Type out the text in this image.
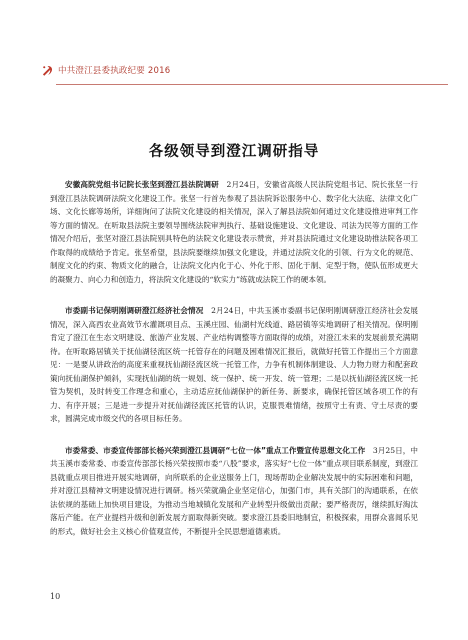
中共澄江县委执政纪要 2016
各级领导到澄江调研指导

安徽高院党组书记院长张坚到澄江县法院调研　2月24日，安徽省高级人民法院党组书记、院长张坚一行到澄江县法院调研法院文化建设工作。张坚一行首先参观了县法院诉讼服务中心、数字化大法庭、法律文化广场、文化长廊等场所，详细询问了法院文化建设的相关情况，深入了解县法院如何通过文化建设推进审判工作等方面的情况。在听取县法院主要领导围绕法院审判执行、基础设施建设、文化建设、司法为民等方面的工作情况介绍后，张坚对澄江县法院别具特色的法院文化建设表示赞赏，并对县法院通过文化建设助推法院各项工作取得的成绩给予肯定。张坚希望，县法院要继续加强文化建设，并通过法院文化的引领、行为文化的规范、制度文化的约束、物质文化的融合，让法院文化内化于心、外化于形、固化于制、定型于物，使队伍形成更大的凝聚力、向心力和创造力，将法院文化建设的“软实力”练就成法院工作的硬本领。

市委副书记保明刚调研澄江经济社会情况　2月24日，中共玉溪市委副书记保明刚调研澄江经济社会发展情况，深入高西农业高效节水灌溉项目点、玉溪庄园、仙湖村光线道、路居镇等实地调研了相关情况。保明刚肯定了澄江在生态文明建设、旅游产业发展、产业结构调整等方面取得的成绩，对澄江未来的发展前景充满期待。在听取路居镇关于抚仙湖径流区统一托管存在的问题及困难情况汇报后，就做好托管工作提出三个方面意见：一是要从讲政治的高度来重视抚仙湖径流区统一托管工作，力争有机制体制建设、人力物力财力和配套政策向抚仙湖保护倾斜，实现抚仙湖的统一规划、统一保护、统一开发、统一管理；二是以抚仙湖径流区统一托管为契机，及时转变工作理念和重心，主动适应抚仙湖保护的新任务、新要求，确保托管区域各项工作的有力、有序开展；三是进一步提升对抚仙湖径流区托管的认识，克服畏难情绪，按照守土有责、守土尽责的要求，圆满完成市级交代的各项目标任务。

市委常委、市委宣传部部长杨兴荣到澄江县调研“七位一体”重点工作暨宣传思想文化工作　3月25日，中共玉溪市委常委、市委宣传部部长杨兴荣按照市委“八股”要求，落实好“七位一体”重点项目联系制度，到澄江县就重点项目推进开展实地调研，向所联系的企业送服务上门，现场帮助企业解决发展中的实际困难和问题，并对澄江县精神文明建设情况进行调研。杨兴荣就确企业坚定信心，加强门市，具有关部门的沟通联系，在依法依规的基础上加快项目建设，为推动当地城镇化发展和产业转型升级做出贡献；要严格责厉，继续抓好淘汰落后产能。在产业提档升级和创新发展方面取得新突破。要求澄江县委旧地制宜，积极探索，用群众喜闻乐见的形式，做好社会主义核心价值观宣传，不断提升全民思想道德素质。

10
